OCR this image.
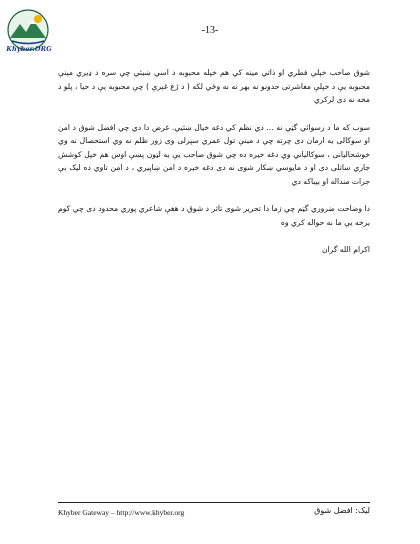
Khyber.ORG
-13-

شوق صاحب خپلي فطري او ذاتي مينه کي هم خپله محبوبه د اسي ښيئي چي سره د ډيري مينې محبوبه يې د خپلې معاشرتی حدونو نه بهر نه نه وځي لکه ( د ژغ غېرې ) چې محبوبه يې د حيا ، پلو د مخه نه دی لرکري

سوب که ما د رسوائي گټي نه ... دي نظم کي دغه خيال ښئيي. غرض دا دي چي افضل شوق د امن او سوکالی يه ارمان دی چرته چي د مينې تول عمري سپرلی وی زور ظلم نه وي استحصال نه وي خوشحاليانی ، سوکالياني وي دغه خيره ده چي شوق صاحب يې يه لټون پسې اوس هم خپل کوشش جاري ساتلی دی او د مايوسي ښکار شوی نه دی دغه خيره د امن ښاپيري ، د امن تاوي ده ليک بې جرات منداله او بيباکه دي

دا وضاحت ضروري گټم چي زما دا تحرير شوی تاثر د شوق د هغې شاعري پوري محدود دی چي کوم يرخه يې ما نه حواله کري وه

اکرام الله گران

Khyber Gateway – http://www.khyber.org	ليک: افضل شوق
